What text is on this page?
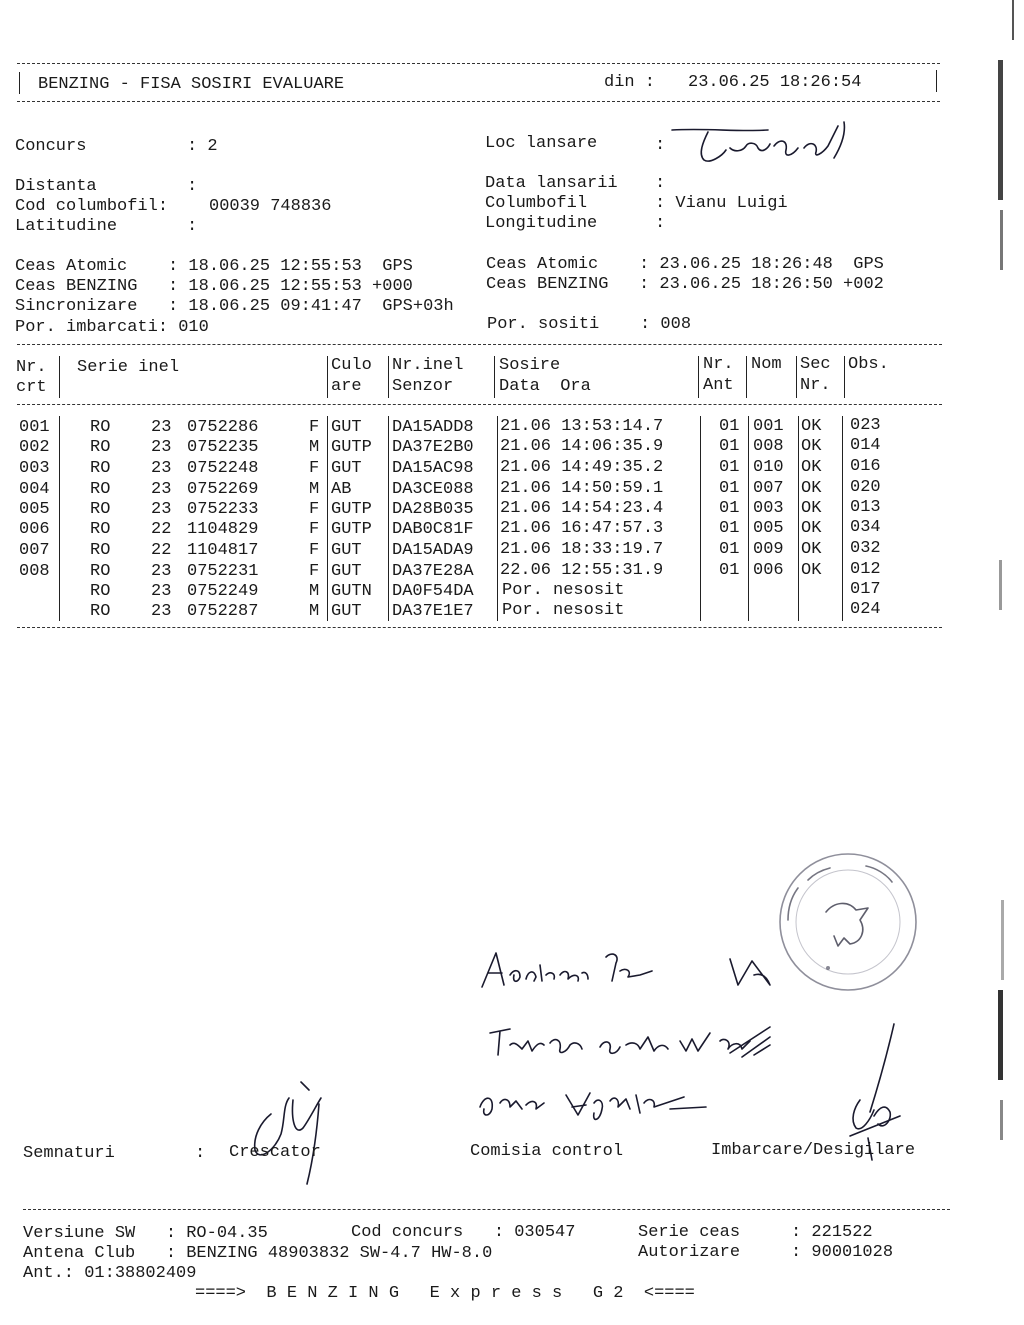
BENZING - FISA SOSIRI EVALUARE	din : 23.06.25 18:26:54
Concurs	: 2	Loc lansare	:
Distanta	:	Data lansarii :
Cod columbofil: 00039 748836	Columbofil	: Vianu Luigi
Latitudine	:	Longitudine	:
Ceas Atomic    : 18.06.25 12:55:53  GPS	Ceas Atomic    : 23.06.25 18:26:48  GPS
Ceas BENZING   : 18.06.25 12:55:53 +000	Ceas BENZING   : 23.06.25 18:26:50 +002
Sincronizare   : 18.06.25 09:41:47  GPS+03h
Por. imbarcati: 010	Por. sositi    : 008
Nr.
crt
Serie inel	Culo
are
Nr.inel
Senzor
Sosire
Data  Ora
Nr.
Ant
Nom Sec
Nr.
Obs.
001 RO 23 0752286	F GUT DA15ADD8 21.06 13:53:14.7	01 001 OK 023
002 RO 23 0752235	M GUTP DA37E2B0 21.06 14:06:35.9	01 008 OK 014
003 RO 23 0752248	F GUT DA15AC98 21.06 14:49:35.2	01 010 OK 016
004 RO 23 0752269	M AB DA3CE088 21.06 14:50:59.1	01 007 OK 020
005 RO 23 0752233	F GUTP DA28B035 21.06 14:54:23.4	01 003 OK 013
006 RO 22 1104829	F GUTP DAB0C81F 21.06 16:47:57.3	01 005 OK 034
007 RO 22 1104817	F GUT DA15ADA9 21.06 18:33:19.7	01 009 OK 032
008 RO 23 0752231	F GUT DA37E28A 22.06 12:55:31.9	01 006 OK 012
RO 23 0752249	M GUTN DA0F54DA Por. nesosit	017
RO 23 0752287	M GUT DA37E1E7 Por. nesosit	024
Semnaturi	: Crescator	Comisia control	Imbarcare/Desigilare
Versiune SW   : RO-04.35	Cod concurs   : 030547	Serie ceas     : 221522
Antena Club   : BENZING 48903832 SW-4.7 HW-8.0	Autorizare     : 90001028
Ant.: 01:38802409
====>  B E N Z I N G   E x p r e s s   G 2  <====
